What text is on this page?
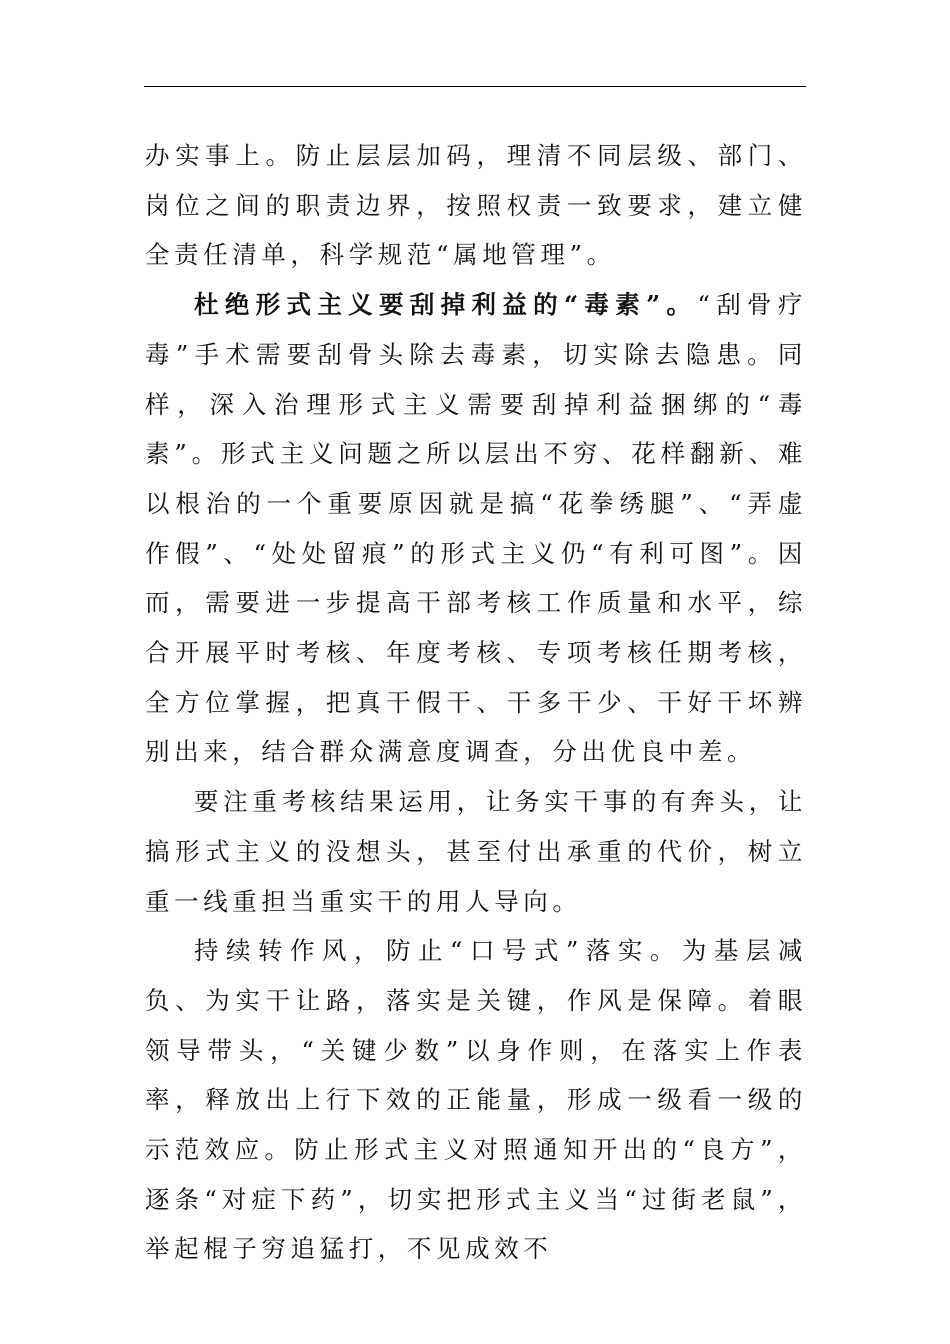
办实事上。防止层层加码，理清不同层级、部门、岗位之间的职责边界，按照权责一致要求，建立健全责任清单，科学规范“属地管理”。

杜绝形式主义要刮掉利益的“毒素”。“刮骨疗毒”手术需要刮骨头除去毒素，切实除去隐患。同样，深入治理形式主义需要刮掉利益捆绑的“毒素”。形式主义问题之所以层出不穷、花样翻新、难以根治的一个重要原因就是搞“花拳绣腿”、“弄虚作假”、“处处留痕”的形式主义仍“有利可图”。因而，需要进一步提高干部考核工作质量和水平，综合开展平时考核、年度考核、专项考核任期考核，全方位掌握，把真干假干、干多干少、干好干坏辨别出来，结合群众满意度调查，分出优良中差。

要注重考核结果运用，让务实干事的有奔头，让搞形式主义的没想头，甚至付出承重的代价，树立重一线重担当重实干的用人导向。

持续转作风，防止“口号式”落实。为基层减负、为实干让路，落实是关键，作风是保障。着眼领导带头，“关键少数”以身作则，在落实上作表率，释放出上行下效的正能量，形成一级看一级的示范效应。防止形式主义对照通知开出的“良方”，逐条“对症下药”，切实把形式主义当“过街老鼠”，举起棍子穷追猛打，不见成效不
